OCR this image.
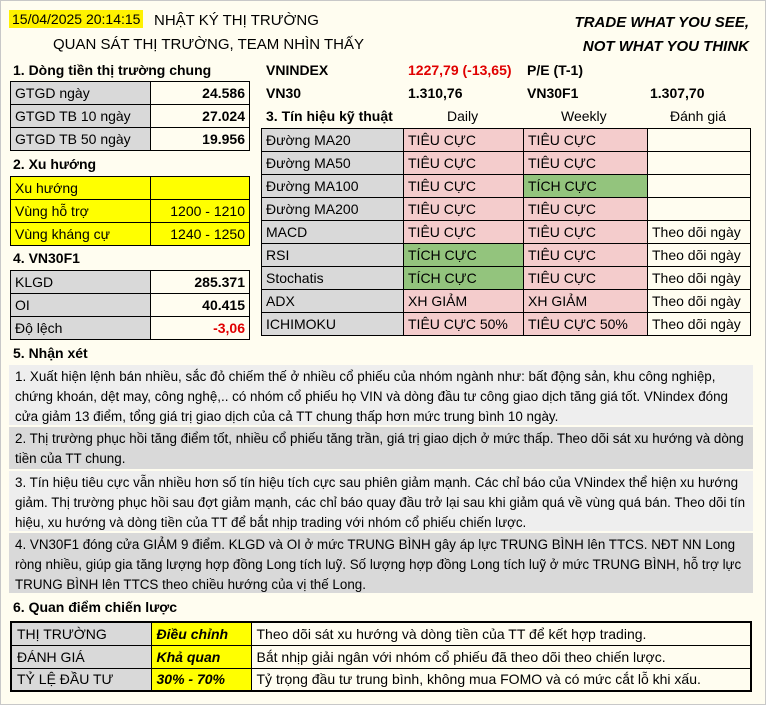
15/04/2025 20:14:15 NHẬT KÝ THỊ TRƯỜNG
QUAN SÁT THỊ TRƯỜNG, TEAM NHÌN THẤY
TRADE WHAT YOU SEE,
NOT WHAT YOU THINK
1. Dòng tiền thị trường chung
GTGD ngày	24.586
GTGD TB 10 ngày	27.024
GTGD TB 50 ngày	19.956
2. Xu hướng
Xu hướng	
Vùng hỗ trợ	1200 - 1210
Vùng kháng cự	1240 - 1250
4. VN30F1
KLGD	285.371
OI	40.415
Độ lệch	-3,06
VNINDEX	1227,79 (-13,65) P/E (T-1)
VN30	1.310,76	VN30F1	1.307,70
3. Tín hiệu kỹ thuật	Daily	Weekly	Đánh giá
Đường MA20	TIÊU CỰC	TIÊU CỰC	
Đường MA50	TIÊU CỰC	TIÊU CỰC	
Đường MA100	TIÊU CỰC	TÍCH CỰC	
Đường MA200	TIÊU CỰC	TIÊU CỰC	
MACD	TIÊU CỰC	TIÊU CỰC	Theo dõi ngày
RSI	TÍCH CỰC	TIÊU CỰC	Theo dõi ngày
Stochatis	TÍCH CỰC	TIÊU CỰC	Theo dõi ngày
ADX	XH GIẢM	XH GIẢM	Theo dõi ngày
ICHIMOKU	TIÊU CỰC 50%	TIÊU CỰC 50%	Theo dõi ngày
5. Nhận xét
1. Xuất hiện lệnh bán nhiều, sắc đỏ chiếm thế ở nhiều cổ phiếu của nhóm ngành như: bất động sản, khu công nghiệp, chứng khoán, dệt may, công nghệ,.. có nhóm cổ phiếu họ VIN và dòng đầu tư công giao dịch tăng giá tốt. VNindex đóng cửa giảm 13 điểm, tổng giá trị giao dịch của cả TT chung thấp hơn mức trung bình 10 ngày.
2. Thị trường phục hồi tăng điểm tốt, nhiều cổ phiếu tăng trần, giá trị giao dịch ở mức thấp. Theo dõi sát xu hướng và dòng tiền của TT chung.
3. Tín hiệu tiêu cực vẫn nhiều hơn số tín hiệu tích cực sau phiên giảm mạnh. Các chỉ báo của VNindex thể hiện xu hướng giảm. Thị trường phục hồi sau đợt giảm mạnh, các chỉ báo quay đầu trở lại sau khi giảm quá về vùng quá bán. Theo dõi tín hiệu, xu hướng và dòng tiền của TT để bắt nhịp trading với nhóm cổ phiếu chiến lược.
4. VN30F1 đóng cửa GIẢM 9 điểm. KLGD và OI ở mức TRUNG BÌNH gây áp lực TRUNG BÌNH lên TTCS. NĐT NN Long ròng nhiều, giúp gia tăng lượng hợp đồng Long tích luỹ. Số lượng hợp đồng Long tích luỹ ở mức TRUNG BÌNH, hỗ trợ lực TRUNG BÌNH lên TTCS theo chiều hướng của vị thế Long.
6. Quan điểm chiến lược
THỊ TRƯỜNG	Điều chỉnh	Theo dõi sát xu hướng và dòng tiền của TT để kết hợp trading.
ĐÁNH GIÁ	Khả quan	Bắt nhịp giải ngân với nhóm cổ phiếu đã theo dõi theo chiến lược.
TỶ LỆ ĐẦU TƯ	30% - 70%	Tỷ trọng đầu tư trung bình, không mua FOMO và có mức cắt lỗ khi xấu.
